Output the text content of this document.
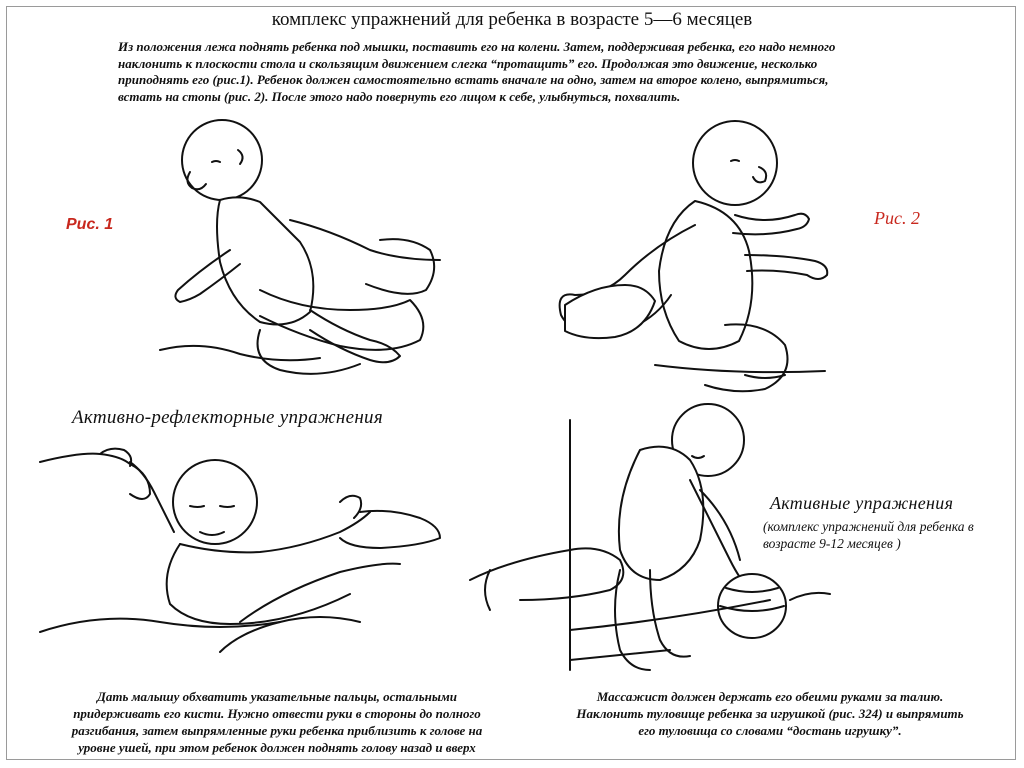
комплекс упражнений для ребенка в возрасте 5—6 месяцев
Из положения лежа поднять ребенка под мышки, поставить его на колени. Затем, поддерживая ребенка, его надо немного
наклонить к плоскости стола и скользящим движением слегка “протащить” его. Продолжая это движение, несколько
приподнять его (рис.1). Ребенок должен самостоятельно встать вначале на одно, затем на второе колено, выпрямиться,
встать на стопы (рис. 2). После этого надо повернуть его лицом к себе, улыбнуться, похвалить.
Рис. 1	Рис. 2
Активно-рефлекторные упражнения
Активные упражнения
(комплекс упражнений для ребенка в
возрасте 9-12 месяцев )
Дать малышу обхватить указательные пальцы, остальными
придерживать его кисти. Нужно отвести руки в стороны до полного
разгибания, затем выпрямленные руки ребенка приблизить к голове на
уровне ушей, при этом ребенок должен поднять голову назад и вверх
Массажист должен держать его обеими руками за талию.
Наклонить туловище ребенка за игрушкой (рис. 324) и выпрямить
его туловища со словами “достань игрушку”.
